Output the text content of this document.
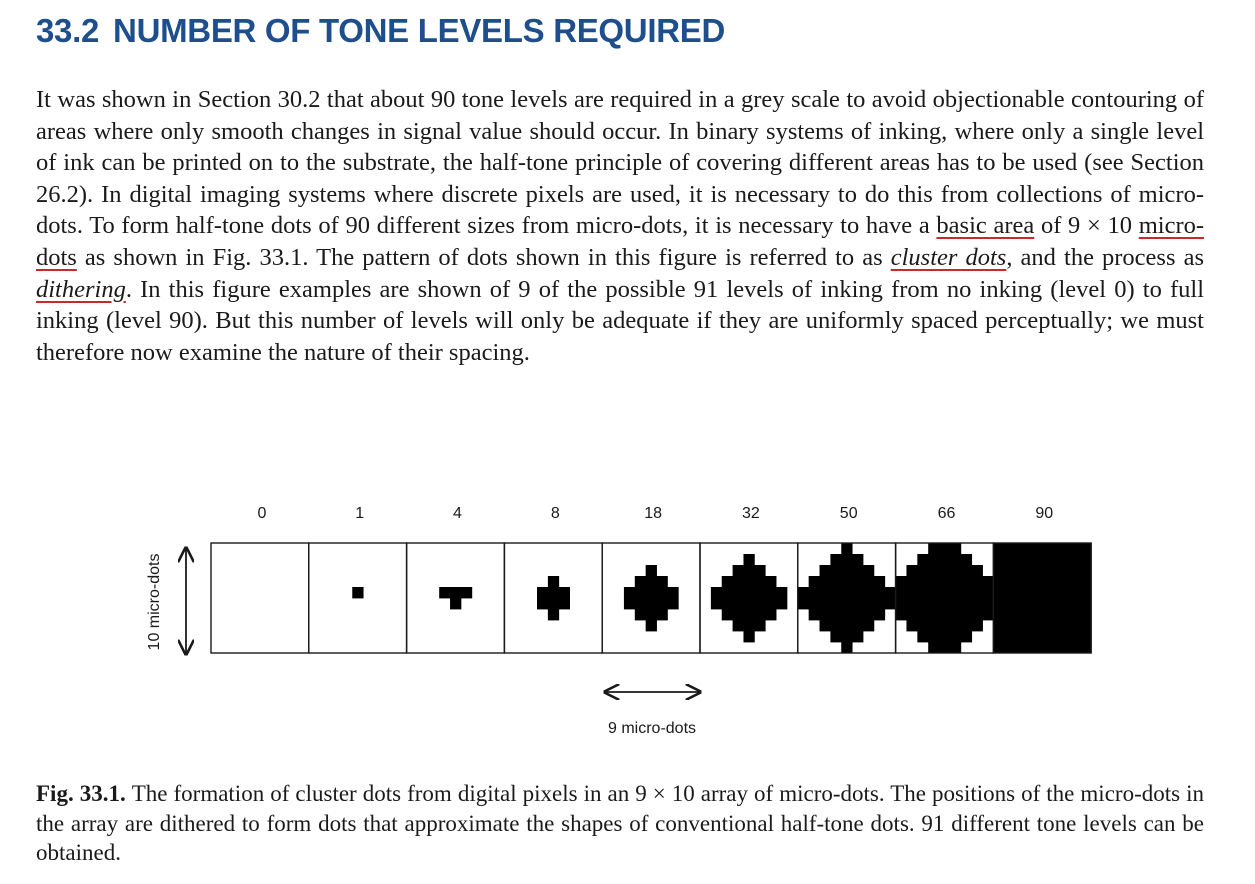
33.2 NUMBER OF TONE LEVELS REQUIRED

It was shown in Section 30.2 that about 90 tone levels are required in a grey scale to avoid objectionable contouring of areas where only smooth changes in signal value should occur. In binary systems of inking, where only a single level of ink can be printed on to the substrate, the half-tone principle of covering different areas has to be used (see Section 26.2). In digital imaging systems where discrete pixels are used, it is necessary to do this from collections of micro-dots. To form half-tone dots of 90 different sizes from micro-dots, it is necessary to have a basic area of 9 × 10 micro-dots as shown in Fig. 33.1. The pattern of dots shown in this figure is referred to as cluster dots, and the process as dithering. In this figure examples are shown of 9 of the possible 91 levels of inking from no inking (level 0) to full inking (level 90). But this number of levels will only be adequate if they are uniformly spaced perceptually; we must therefore now examine the nature of their spacing.

0	1	4	8	18	32	50	66	90
10 micro-dots
9 micro-dots

Fig. 33.1. The formation of cluster dots from digital pixels in an 9 × 10 array of micro-dots. The positions of the micro-dots in the array are dithered to form dots that approximate the shapes of conventional half-tone dots. 91 different tone levels can be obtained.
